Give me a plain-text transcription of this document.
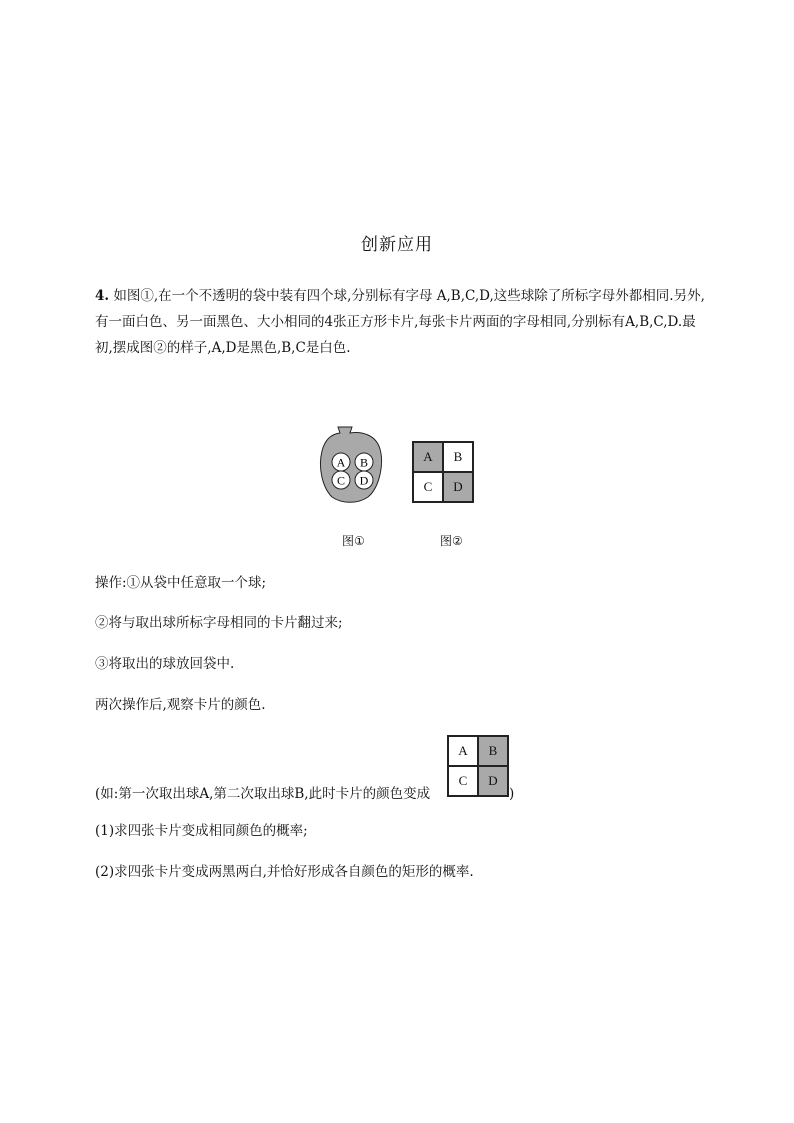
创新应用
4. 如图①,在一个不透明的袋中装有四个球,分别标有字母 A,B,C,D,这些球除了所标字母外都相同.另外,有一面白色、另一面黑色、大小相同的4张正方形卡片,每张卡片两面的字母相同,分别标有A,B,C,D.最初,摆成图②的样子,A,D是黑色,B,C是白色.
A B
C D
A	B
C	D
图①	图②
操作:①从袋中任意取一个球;
②将与取出球所标字母相同的卡片翻过来;
③将取出的球放回袋中.
两次操作后,观察卡片的颜色.
(如:第一次取出球A,第二次取出球B,此时卡片的颜色变成
A	B
C	D
)
(1)求四张卡片变成相同颜色的概率;
(2)求四张卡片变成两黑两白,并恰好形成各自颜色的矩形的概率.
